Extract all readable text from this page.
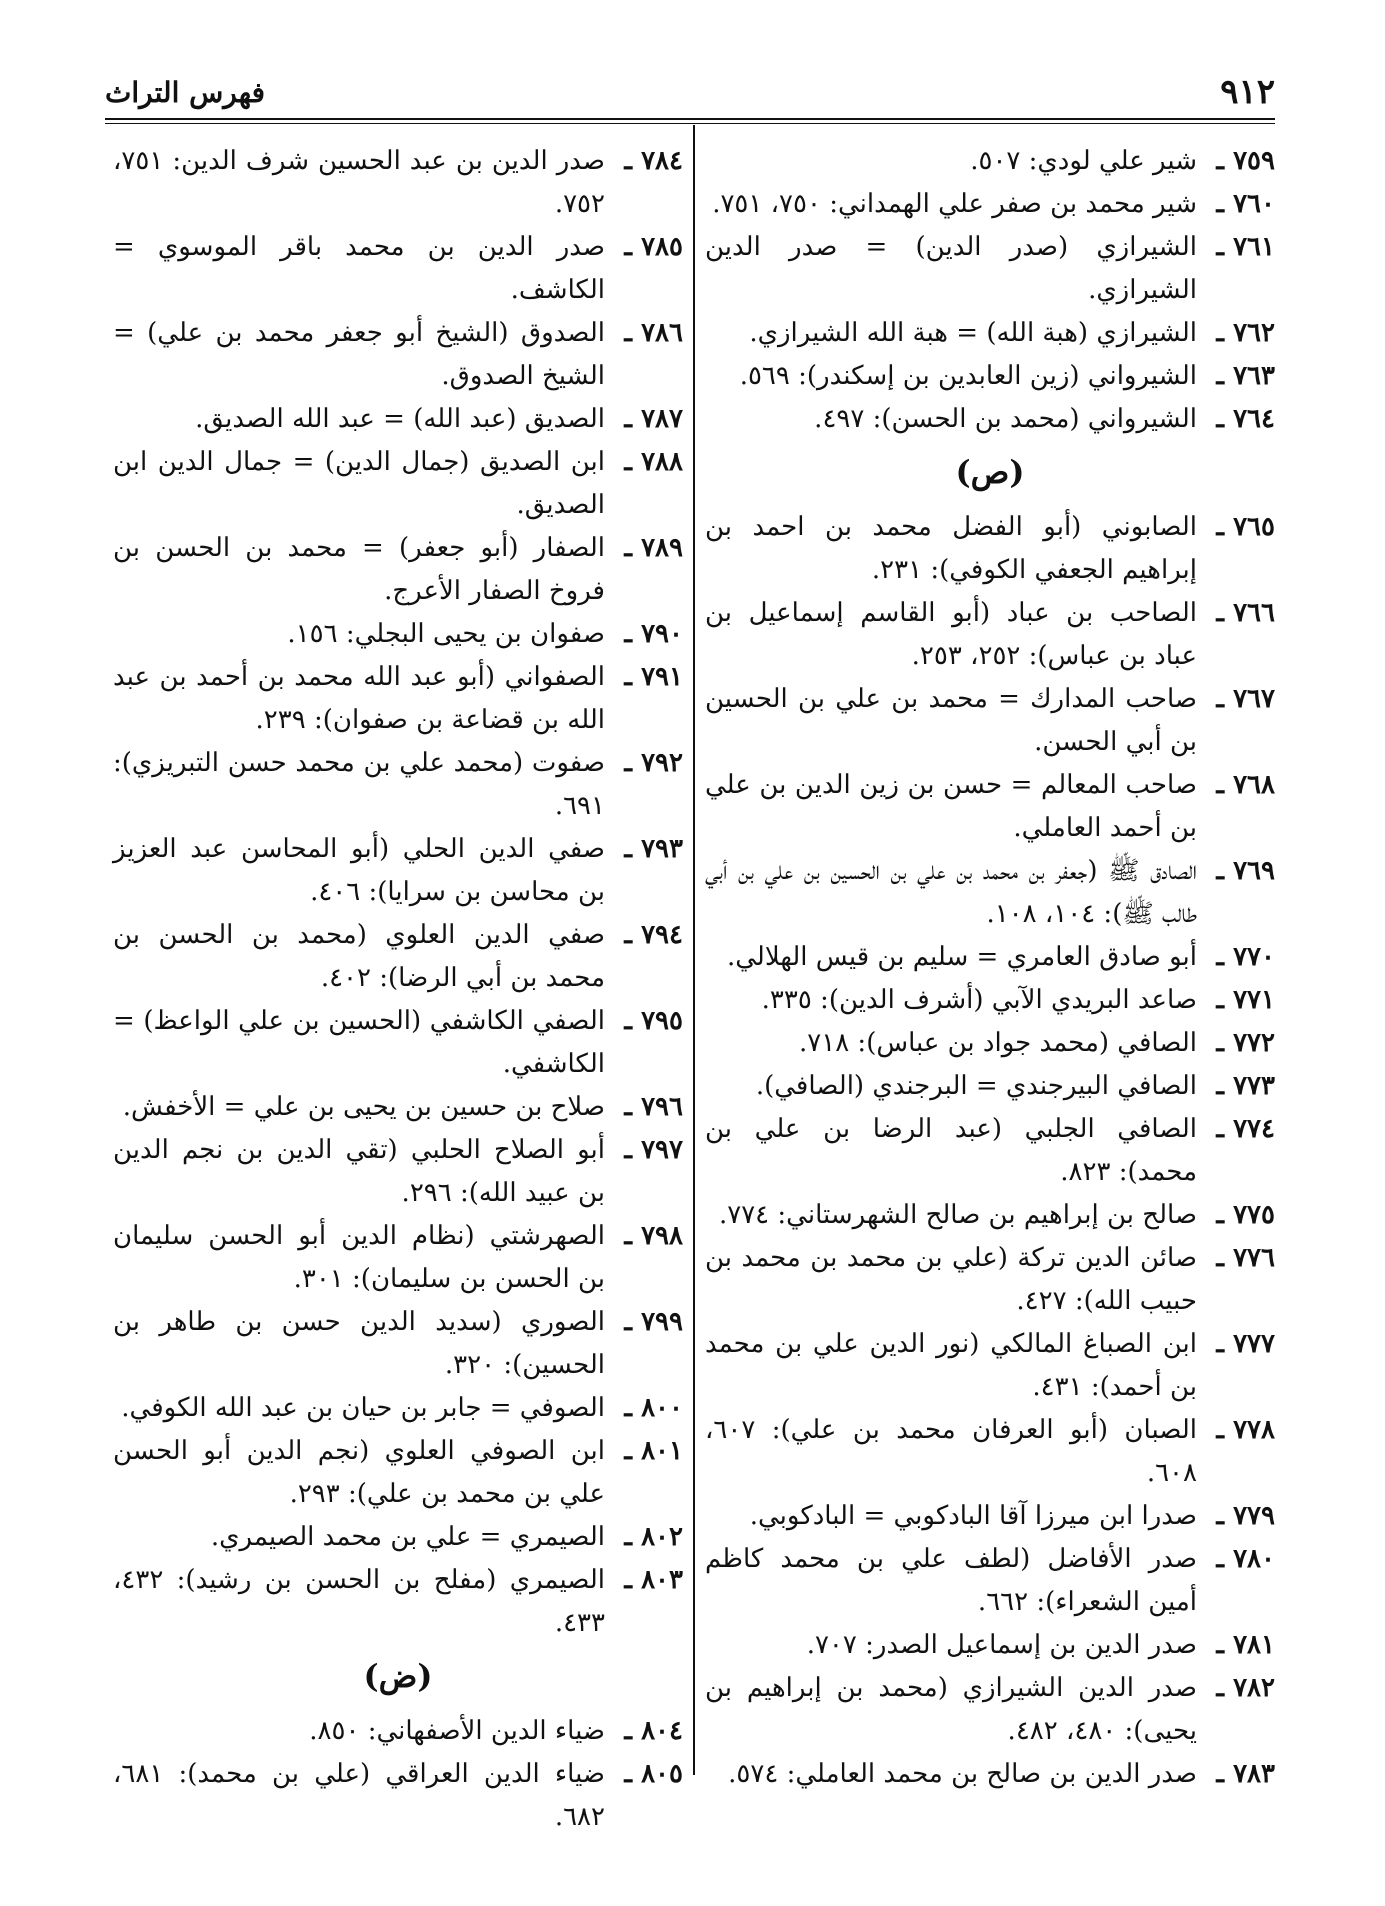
٩١٢
فهرس التراث
٧٥٩ ـ
شير علي لودي: ٥٠٧.
٧٦٠ ـ
شير محمد بن صفر علي الهمداني: ٧٥٠، ٧٥١.
٧٦١ ـ
الشيرازي (صدر الدين) = صدر الدين الشيرازي.
٧٦٢ ـ
الشيرازي (هبة الله) = هبة الله الشيرازي.
٧٦٣ ـ
الشيرواني (زين العابدين بن إسكندر): ٥٦٩.
٧٦٤ ـ
الشيرواني (محمد بن الحسن): ٤٩٧.
(ص)
٧٦٥ ـ
الصابوني (أبو الفضل محمد بن احمد بن إبراهيم الجعفي الكوفي): ٢٣١.
٧٦٦ ـ
الصاحب بن عباد (أبو القاسم إسماعيل بن عباد بن عباس): ٢٥٢، ٢٥٣.
٧٦٧ ـ
صاحب المدارك = محمد بن علي بن الحسين بن أبي الحسن.
٧٦٨ ـ
صاحب المعالم = حسن بن زين الدين بن علي بن أحمد العاملي.
٧٦٩ ـ
الصادق ﷺ (جعفر بن محمد بن علي بن الحسين بن علي بن أبي طالب ﷺ): ١٠٤، ١٠٨.
٧٧٠ ـ
أبو صادق العامري = سليم بن قيس الهلالي.
٧٧١ ـ
صاعد البريدي الآبي (أشرف الدين): ٣٣٥.
٧٧٢ ـ
الصافي (محمد جواد بن عباس): ٧١٨.
٧٧٣ ـ
الصافي البيرجندي = البرجندي (الصافي).
٧٧٤ ـ
الصافي الجلبي (عبد الرضا بن علي بن محمد): ٨٢٣.
٧٧٥ ـ
صالح بن إبراهيم بن صالح الشهرستاني: ٧٧٤.
٧٧٦ ـ
صائن الدين تركة (علي بن محمد بن محمد بن حبيب الله): ٤٢٧.
٧٧٧ ـ
ابن الصباغ المالكي (نور الدين علي بن محمد بن أحمد): ٤٣١.
٧٧٨ ـ
الصبان (أبو العرفان محمد بن علي): ٦٠٧، ٦٠٨.
٧٧٩ ـ
صدرا ابن ميرزا آقا البادكوبي = البادكوبي.
٧٨٠ ـ
صدر الأفاضل (لطف علي بن محمد كاظم أمين الشعراء): ٦٦٢.
٧٨١ ـ
صدر الدين بن إسماعيل الصدر: ٧٠٧.
٧٨٢ ـ
صدر الدين الشيرازي (محمد بن إبراهيم بن يحيى): ٤٨٠، ٤٨٢.
٧٨٣ ـ
صدر الدين بن صالح بن محمد العاملي: ٥٧٤.
٧٨٤ ـ
صدر الدين بن عبد الحسين شرف الدين: ٧٥١، ٧٥٢.
٧٨٥ ـ
صدر الدين بن محمد باقر الموسوي = الكاشف.
٧٨٦ ـ
الصدوق (الشيخ أبو جعفر محمد بن علي) = الشيخ الصدوق.
٧٨٧ ـ
الصديق (عبد الله) = عبد الله الصديق.
٧٨٨ ـ
ابن الصديق (جمال الدين) = جمال الدين ابن الصديق.
٧٨٩ ـ
الصفار (أبو جعفر) = محمد بن الحسن بن فروخ الصفار الأعرج.
٧٩٠ ـ
صفوان بن يحيى البجلي: ١٥٦.
٧٩١ ـ
الصفواني (أبو عبد الله محمد بن أحمد بن عبد الله بن قضاعة بن صفوان): ٢٣٩.
٧٩٢ ـ
صفوت (محمد علي بن محمد حسن التبريزي): ٦٩١.
٧٩٣ ـ
صفي الدين الحلي (أبو المحاسن عبد العزيز بن محاسن بن سرايا): ٤٠٦.
٧٩٤ ـ
صفي الدين العلوي (محمد بن الحسن بن محمد بن أبي الرضا): ٤٠٢.
٧٩٥ ـ
الصفي الكاشفي (الحسين بن علي الواعظ) = الكاشفي.
٧٩٦ ـ
صلاح بن حسين بن يحيى بن علي = الأخفش.
٧٩٧ ـ
أبو الصلاح الحلبي (تقي الدين بن نجم الدين بن عبيد الله): ٢٩٦.
٧٩٨ ـ
الصهرشتي (نظام الدين أبو الحسن سليمان بن الحسن بن سليمان): ٣٠١.
٧٩٩ ـ
الصوري (سديد الدين حسن بن طاهر بن الحسين): ٣٢٠.
٨٠٠ ـ
الصوفي = جابر بن حيان بن عبد الله الكوفي.
٨٠١ ـ
ابن الصوفي العلوي (نجم الدين أبو الحسن علي بن محمد بن علي): ٢٩٣.
٨٠٢ ـ
الصيمري = علي بن محمد الصيمري.
٨٠٣ ـ
الصيمري (مفلح بن الحسن بن رشيد): ٤٣٢، ٤٣٣.
(ض)
٨٠٤ ـ
ضياء الدين الأصفهاني: ٨٥٠.
٨٠٥ ـ
ضياء الدين العراقي (علي بن محمد): ٦٨١، ٦٨٢.
